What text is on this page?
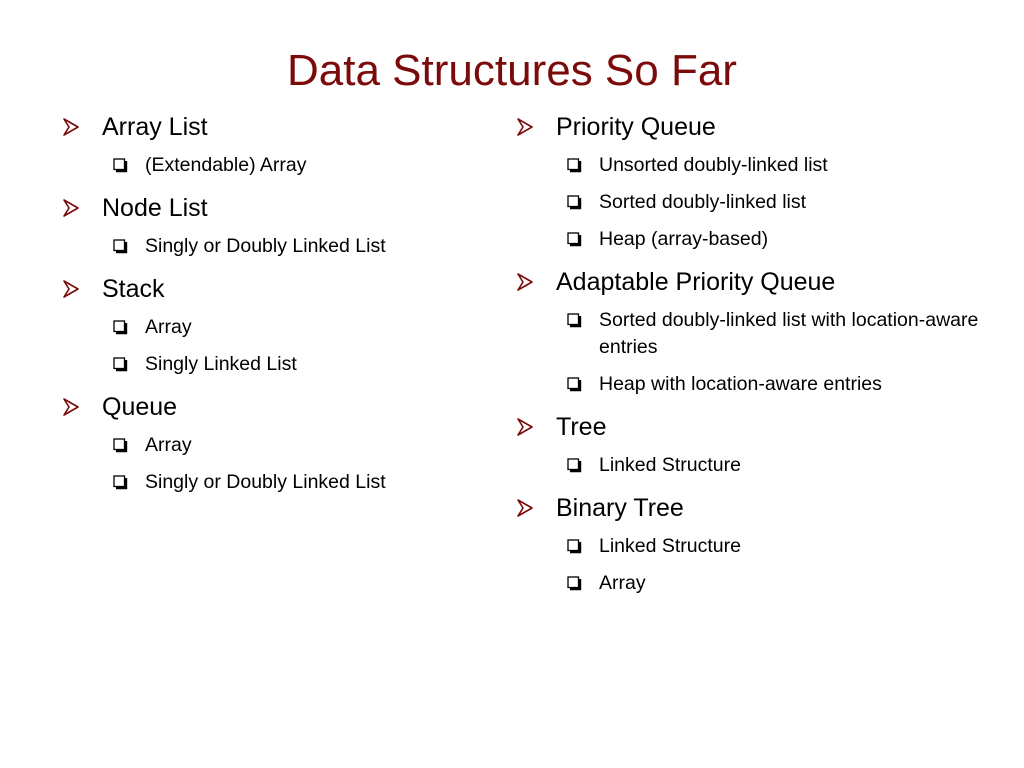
Data Structures So Far
Array List
(Extendable) Array
Node List
Singly or Doubly Linked List
Stack
Array
Singly Linked List
Queue
Array
Singly or Doubly Linked List
Priority Queue
Unsorted doubly-linked list
Sorted doubly-linked list
Heap (array-based)
Adaptable Priority Queue
Sorted doubly-linked list with location-aware entries
Heap with location-aware entries
Tree
Linked Structure
Binary Tree
Linked Structure
Array
